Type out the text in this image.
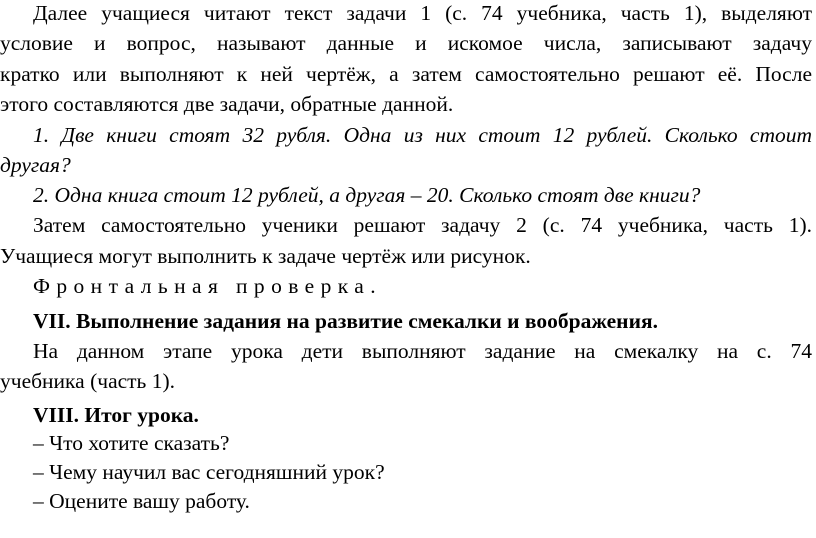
Далее учащиеся читают текст задачи 1 (с. 74 учебника, часть 1), выделяют
условие и вопрос, называют данные и искомое числа, записывают задачу
кратко или выполняют к ней чертёж, а затем самостоятельно решают её. После
этого составляются две задачи, обратные данной.
1. Две книги стоят 32 рубля. Одна из них стоит 12 рублей. Сколько стоит
другая?
2. Одна книга стоит 12 рублей, а другая – 20. Сколько стоят две книги?
Затем самостоятельно ученики решают задачу 2 (с. 74 учебника, часть 1).
Учащиеся могут выполнить к задаче чертёж или рисунок.
Фронтальная проверка.
VII. Выполнение задания на развитие смекалки и воображения.
На данном этапе урока дети выполняют задание на смекалку на с. 74
учебника (часть 1).
VIII. Итог урока.
– Что хотите сказать?
– Чему научил вас сегодняшний урок?
– Оцените вашу работу.
